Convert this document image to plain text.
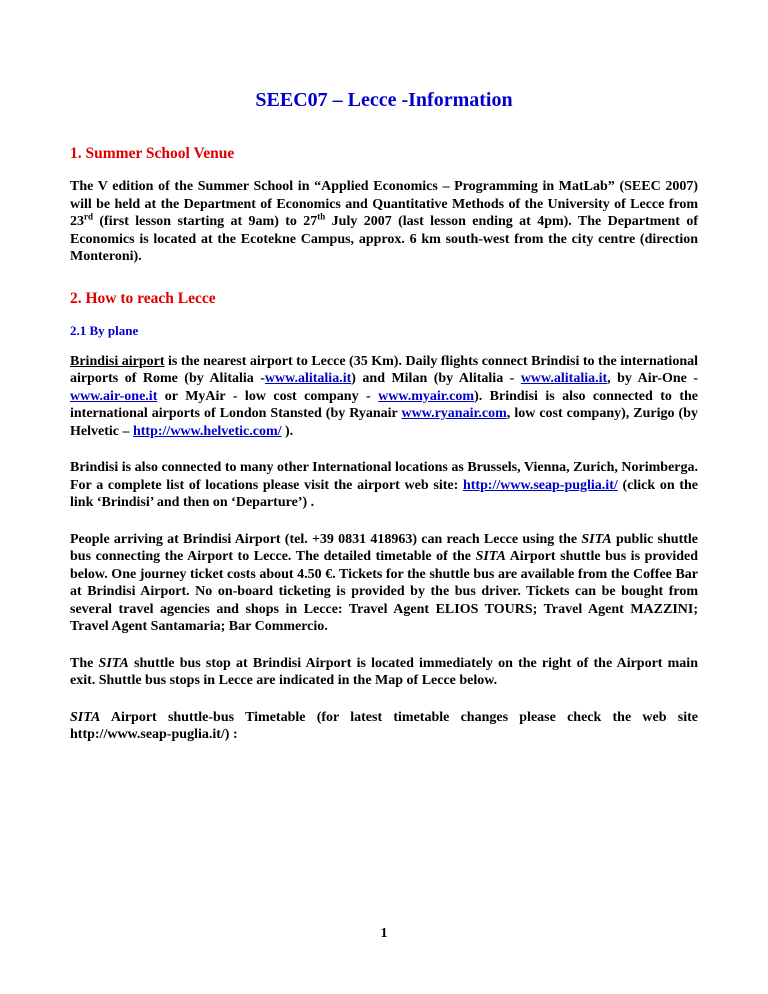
SEEC07 – Lecce -Information
1. Summer School Venue

The V edition of the Summer School in “Applied Economics – Programming in MatLab” (SEEC 2007) will be held at the Department of Economics and Quantitative Methods of the University of Lecce from 23rd (first lesson starting at 9am) to 27th July 2007 (last lesson ending at 4pm). The Department of Economics is located at the Ecotekne Campus, approx. 6 km south-west from the city centre (direction Monteroni).

2. How to reach Lecce
2.1 By plane

Brindisi airport is the nearest airport to Lecce (35 Km). Daily flights connect Brindisi to the international airports of Rome (by Alitalia -www.alitalia.it) and Milan (by Alitalia - www.alitalia.it, by Air-One - www.air-one.it or MyAir - low cost company - www.myair.com). Brindisi is also connected to the international airports of London Stansted (by Ryanair www.ryanair.com, low cost company), Zurigo (by Helvetic – http://www.helvetic.com/ ).

Brindisi is also connected to many other International locations as Brussels, Vienna, Zurich, Norimberga. For a complete list of locations please visit the airport web site: http://www.seap-puglia.it/ (click on the link ‘Brindisi’ and then on ‘Departure’) .

People arriving at Brindisi Airport (tel. +39 0831 418963) can reach Lecce using the SITA public shuttle bus connecting the Airport to Lecce. The detailed timetable of the SITA Airport shuttle bus is provided below. One journey ticket costs about 4.50 €. Tickets for the shuttle bus are available from the Coffee Bar at Brindisi Airport. No on-board ticketing is provided by the bus driver. Tickets can be bought from several travel agencies and shops in Lecce: Travel Agent ELIOS TOURS; Travel Agent MAZZINI; Travel Agent Santamaria; Bar Commercio.

The SITA shuttle bus stop at Brindisi Airport is located immediately on the right of the Airport main exit. Shuttle bus stops in Lecce are indicated in the Map of Lecce below.

SITA Airport shuttle-bus Timetable (for latest timetable changes please check the web site http://www.seap-puglia.it/) :

1
